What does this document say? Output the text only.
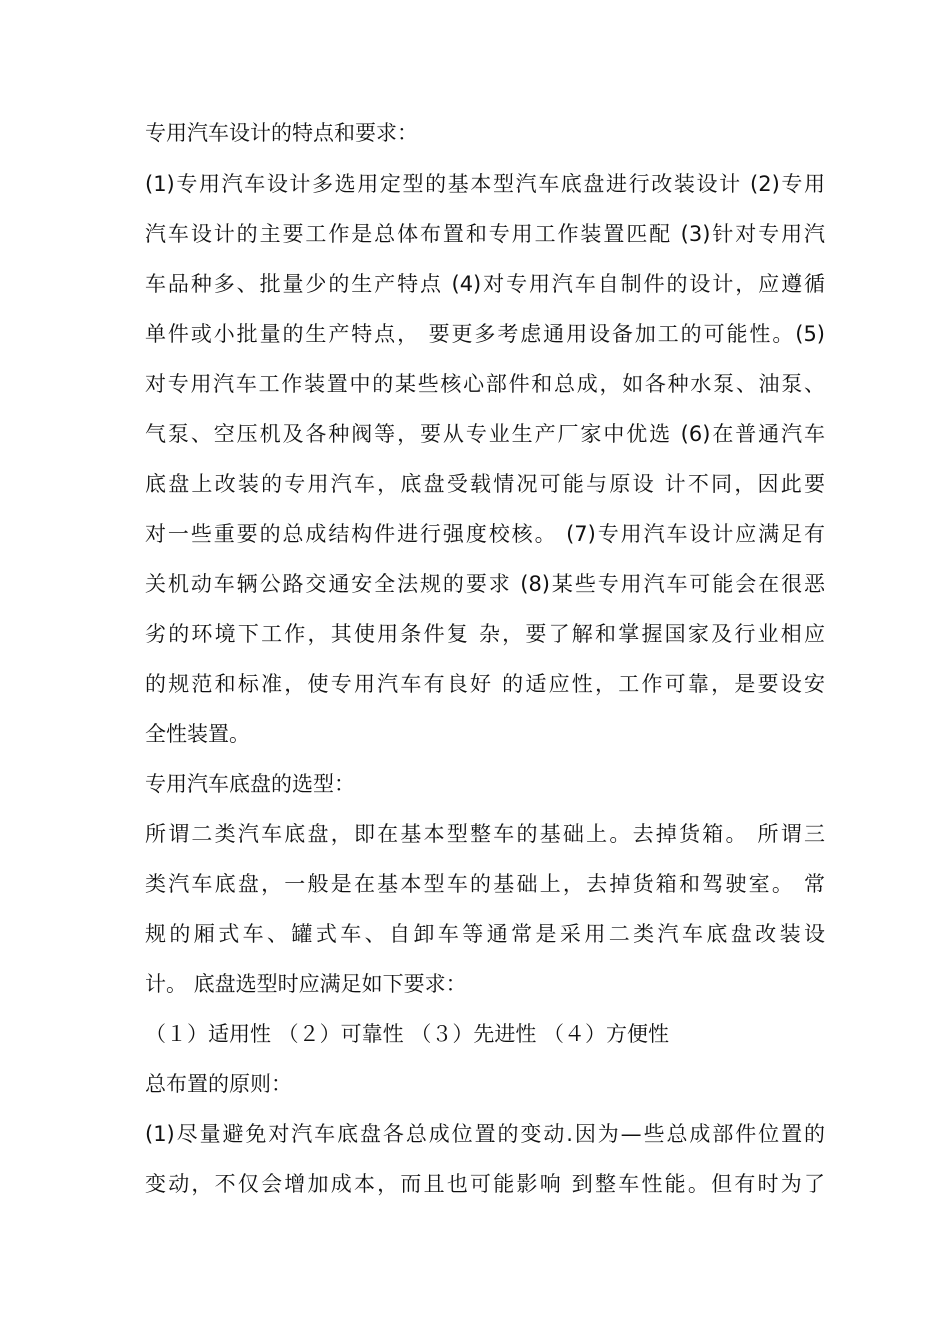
专用汽车设计的特点和要求：
(1)专用汽车设计多选用定型的基本型汽车底盘进行改装设计 (2)专用
汽车设计的主要工作是总体布置和专用工作装置匹配 (3)针对专用汽
车品种多、批量少的生产特点 (4)对专用汽车自制件的设计，应遵循
单件或小批量的生产特点， 要更多考虑通用设备加工的可能性。(5)
对专用汽车工作装置中的某些核心部件和总成，如各种水泵、油泵、
气泵、空压机及各种阀等，要从专业生产厂家中优选 (6)在普通汽车
底盘上改装的专用汽车，底盘受载情况可能与原设 计不同，因此要
对一些重要的总成结构件进行强度校核。 (7)专用汽车设计应满足有
关机动车辆公路交通安全法规的要求 (8)某些专用汽车可能会在很恶
劣的环境下工作，其使用条件复 杂，要了解和掌握国家及行业相应
的规范和标准，使专用汽车有良好 的适应性，工作可靠，是要设安
全性装置。
专用汽车底盘的选型：
所谓二类汽车底盘，即在基本型整车的基础上。去掉货箱。 所谓三
类汽车底盘，一般是在基本型车的基础上，去掉货箱和驾驶室。 常
规的厢式车、罐式车、自卸车等通常是采用二类汽车底盘改装设
计。 底盘选型时应满足如下要求：
（１）适用性 （２）可靠性 （３）先进性 （４）方便性
总布置的原则：
(1)尽量避免对汽车底盘各总成位置的变动.因为—些总成部件位置的
变动，不仅会增加成本，而且也可能影响 到整车性能。但有时为了
